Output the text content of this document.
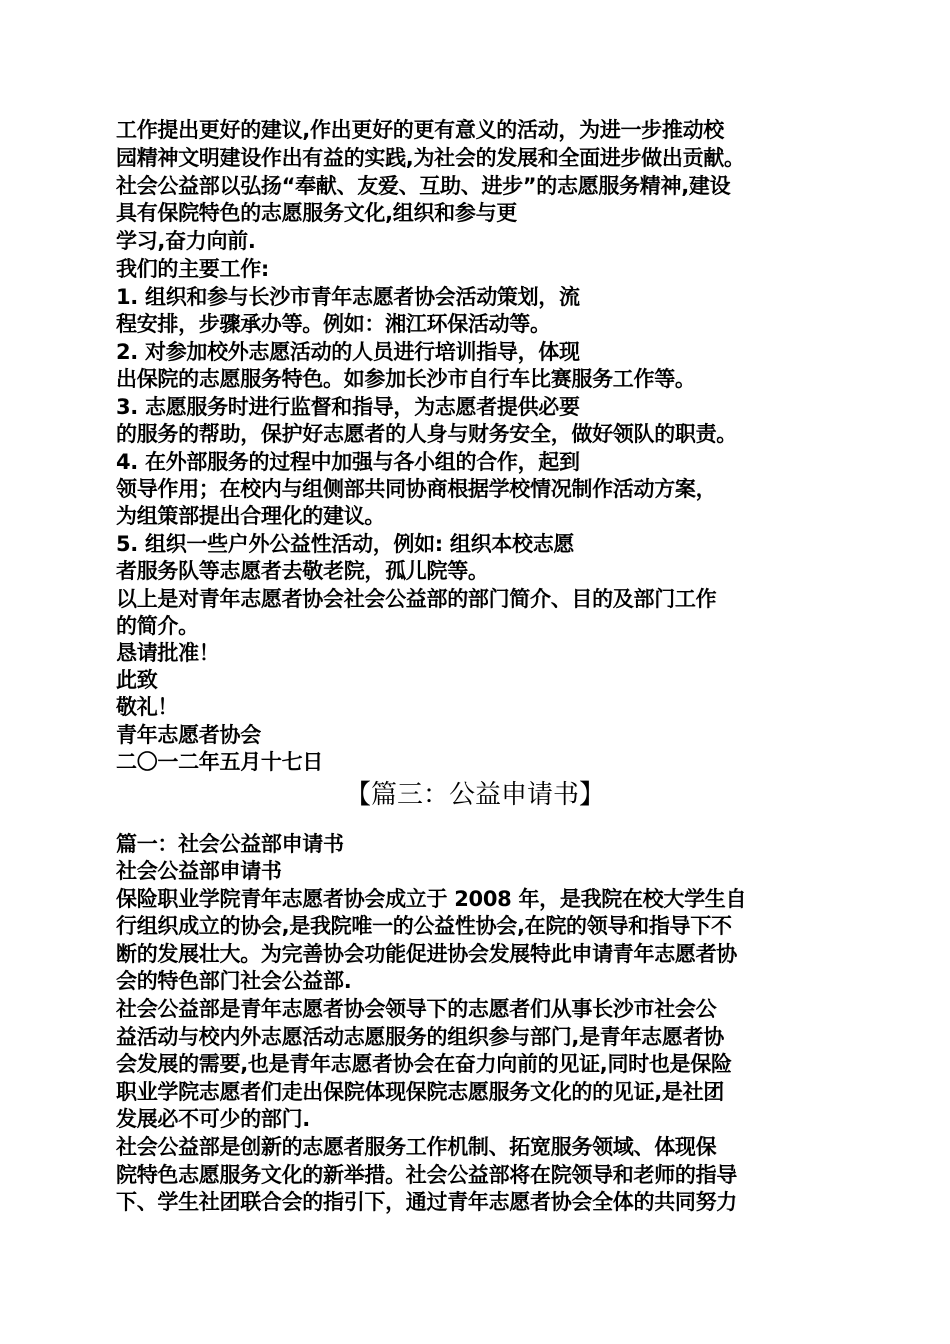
工作提出更好的建议,作出更好的更有意义的活动，为进一步推动校

园精神文明建设作出有益的实践,为社会的发展和全面进步做出贡献。

社会公益部以弘扬“奉献、友爱、互助、进步”的志愿服务精神,建设

具有保院特色的志愿服务文化,组织和参与更

学习,奋力向前.

我们的主要工作:

1. 组织和参与长沙市青年志愿者协会活动策划，流

程安排，步骤承办等。例如：湘江环保活动等。

2. 对参加校外志愿活动的人员进行培训指导，体现

出保院的志愿服务特色。如参加长沙市自行车比赛服务工作等。

3. 志愿服务时进行监督和指导，为志愿者提供必要

的服务的帮助，保护好志愿者的人身与财务安全，做好领队的职责。

4. 在外部服务的过程中加强与各小组的合作，起到

领导作用；在校内与组侧部共同协商根据学校情况制作活动方案，

为组策部提出合理化的建议。

5. 组织一些户外公益性活动，例如: 组织本校志愿

者服务队等志愿者去敬老院，孤儿院等。

以上是对青年志愿者协会社会公益部的部门简介、目的及部门工作

的简介。

恳请批准！

此致

敬礼！

青年志愿者协会

二〇一二年五月十七日

【篇三：公益申请书】

篇一：社会公益部申请书

社会公益部申请书

保险职业学院青年志愿者协会成立于 2008 年，是我院在校大学生自

行组织成立的协会,是我院唯一的公益性协会,在院的领导和指导下不

断的发展壮大。为完善协会功能促进协会发展特此申请青年志愿者协

会的特色部门社会公益部.

社会公益部是青年志愿者协会领导下的志愿者们从事长沙市社会公

益活动与校内外志愿活动志愿服务的组织参与部门,是青年志愿者协

会发展的需要,也是青年志愿者协会在奋力向前的见证,同时也是保险

职业学院志愿者们走出保院体现保院志愿服务文化的的见证,是社团

发展必不可少的部门.

社会公益部是创新的志愿者服务工作机制、拓宽服务领域、体现保

院特色志愿服务文化的新举措。社会公益部将在院领导和老师的指导

下、学生社团联合会的指引下，通过青年志愿者协会全体的共同努力
